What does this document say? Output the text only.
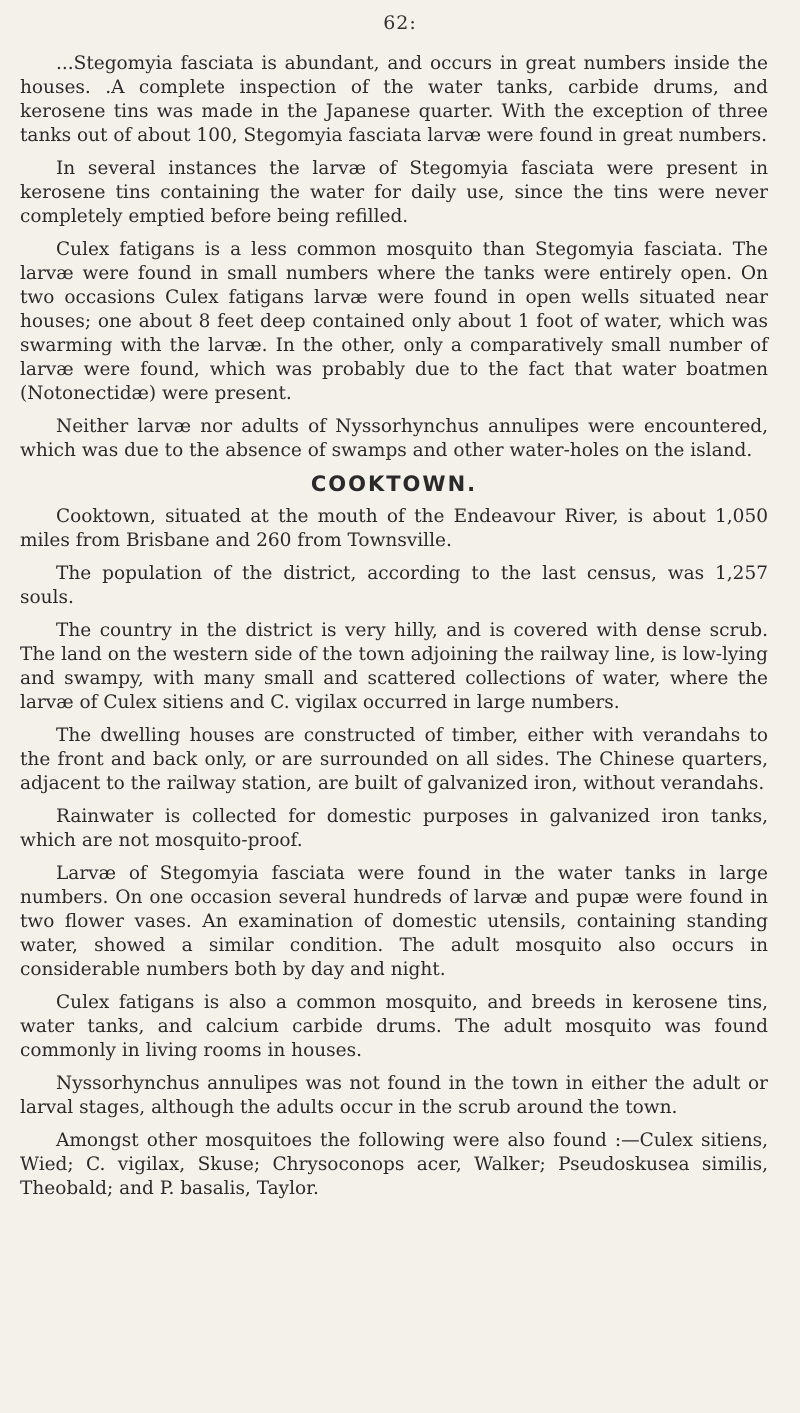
62:

...Stegomyia fasciata is abundant, and occurs in great numbers inside the houses. .A complete inspection of the water tanks, carbide drums, and kerosene tins was made in the Japanese quarter. With the exception of three tanks out of about 100, Stegomyia fasciata larvæ were found in great numbers.

In several instances the larvæ of Stegomyia fasciata were present in kerosene tins containing the water for daily use, since the tins were never completely emptied before being refilled.

Culex fatigans is a less common mosquito than Stegomyia fasciata. The larvæ were found in small numbers where the tanks were entirely open. On two occasions Culex fatigans larvæ were found in open wells situated near houses; one about 8 feet deep contained only about 1 foot of water, which was swarming with the larvæ. In the other, only a comparatively small number of larvæ were found, which was probably due to the fact that water boatmen (Notonectidæ) were present.

Neither larvæ nor adults of Nyssorhynchus annulipes were encountered, which was due to the absence of swamps and other water-holes on the island.

COOKTOWN.

Cooktown, situated at the mouth of the Endeavour River, is about 1,050 miles from Brisbane and 260 from Townsville.

The population of the district, according to the last census, was 1,257 souls.

The country in the district is very hilly, and is covered with dense scrub. The land on the western side of the town adjoining the railway line, is low-lying and swampy, with many small and scattered collections of water, where the larvæ of Culex sitiens and C. vigilax occurred in large numbers.

The dwelling houses are constructed of timber, either with verandahs to the front and back only, or are surrounded on all sides. The Chinese quarters, adjacent to the railway station, are built of galvanized iron, without verandahs.

Rainwater is collected for domestic purposes in galvanized iron tanks, which are not mosquito-proof.

Larvæ of Stegomyia fasciata were found in the water tanks in large numbers. On one occasion several hundreds of larvæ and pupæ were found in two flower vases. An examination of domestic utensils, containing standing water, showed a similar condition. The adult mosquito also occurs in considerable numbers both by day and night.

Culex fatigans is also a common mosquito, and breeds in kerosene tins, water tanks, and calcium carbide drums. The adult mosquito was found commonly in living rooms in houses.

Nyssorhynchus annulipes was not found in the town in either the adult or larval stages, although the adults occur in the scrub around the town.

Amongst other mosquitoes the following were also found :—Culex sitiens, Wied; C. vigilax, Skuse; Chrysoconops acer, Walker; Pseudoskusea similis, Theobald; and P. basalis, Taylor.
